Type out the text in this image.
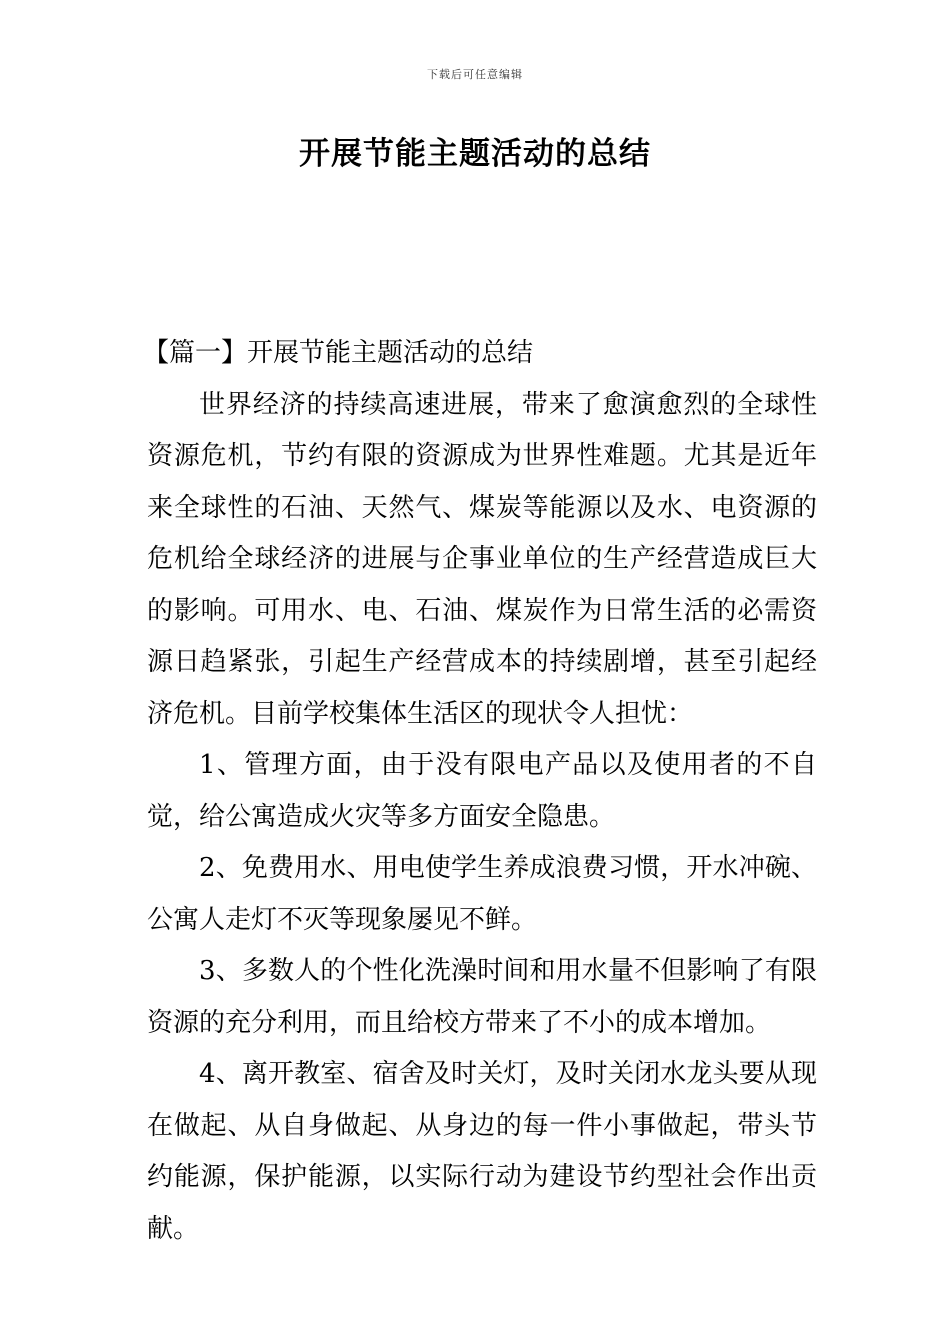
下载后可任意编辑
开展节能主题活动的总结

【篇一】开展节能主题活动的总结

世界经济的持续高速进展，带来了愈演愈烈的全球性资源危机，节约有限的资源成为世界性难题。尤其是近年来全球性的石油、天然气、煤炭等能源以及水、电资源的危机给全球经济的进展与企事业单位的生产经营造成巨大的影响。可用水、电、石油、煤炭作为日常生活的必需资源日趋紧张，引起生产经营成本的持续剧增，甚至引起经济危机。目前学校集体生活区的现状令人担忧：

1、管理方面，由于没有限电产品以及使用者的不自觉，给公寓造成火灾等多方面安全隐患。

2、免费用水、用电使学生养成浪费习惯，开水冲碗、公寓人走灯不灭等现象屡见不鲜。

3、多数人的个性化洗澡时间和用水量不但影响了有限资源的充分利用，而且给校方带来了不小的成本增加。

4、离开教室、宿舍及时关灯，及时关闭水龙头要从现在做起、从自身做起、从身边的每一件小事做起，带头节约能源，保护能源，以实际行动为建设节约型社会作出贡献。
